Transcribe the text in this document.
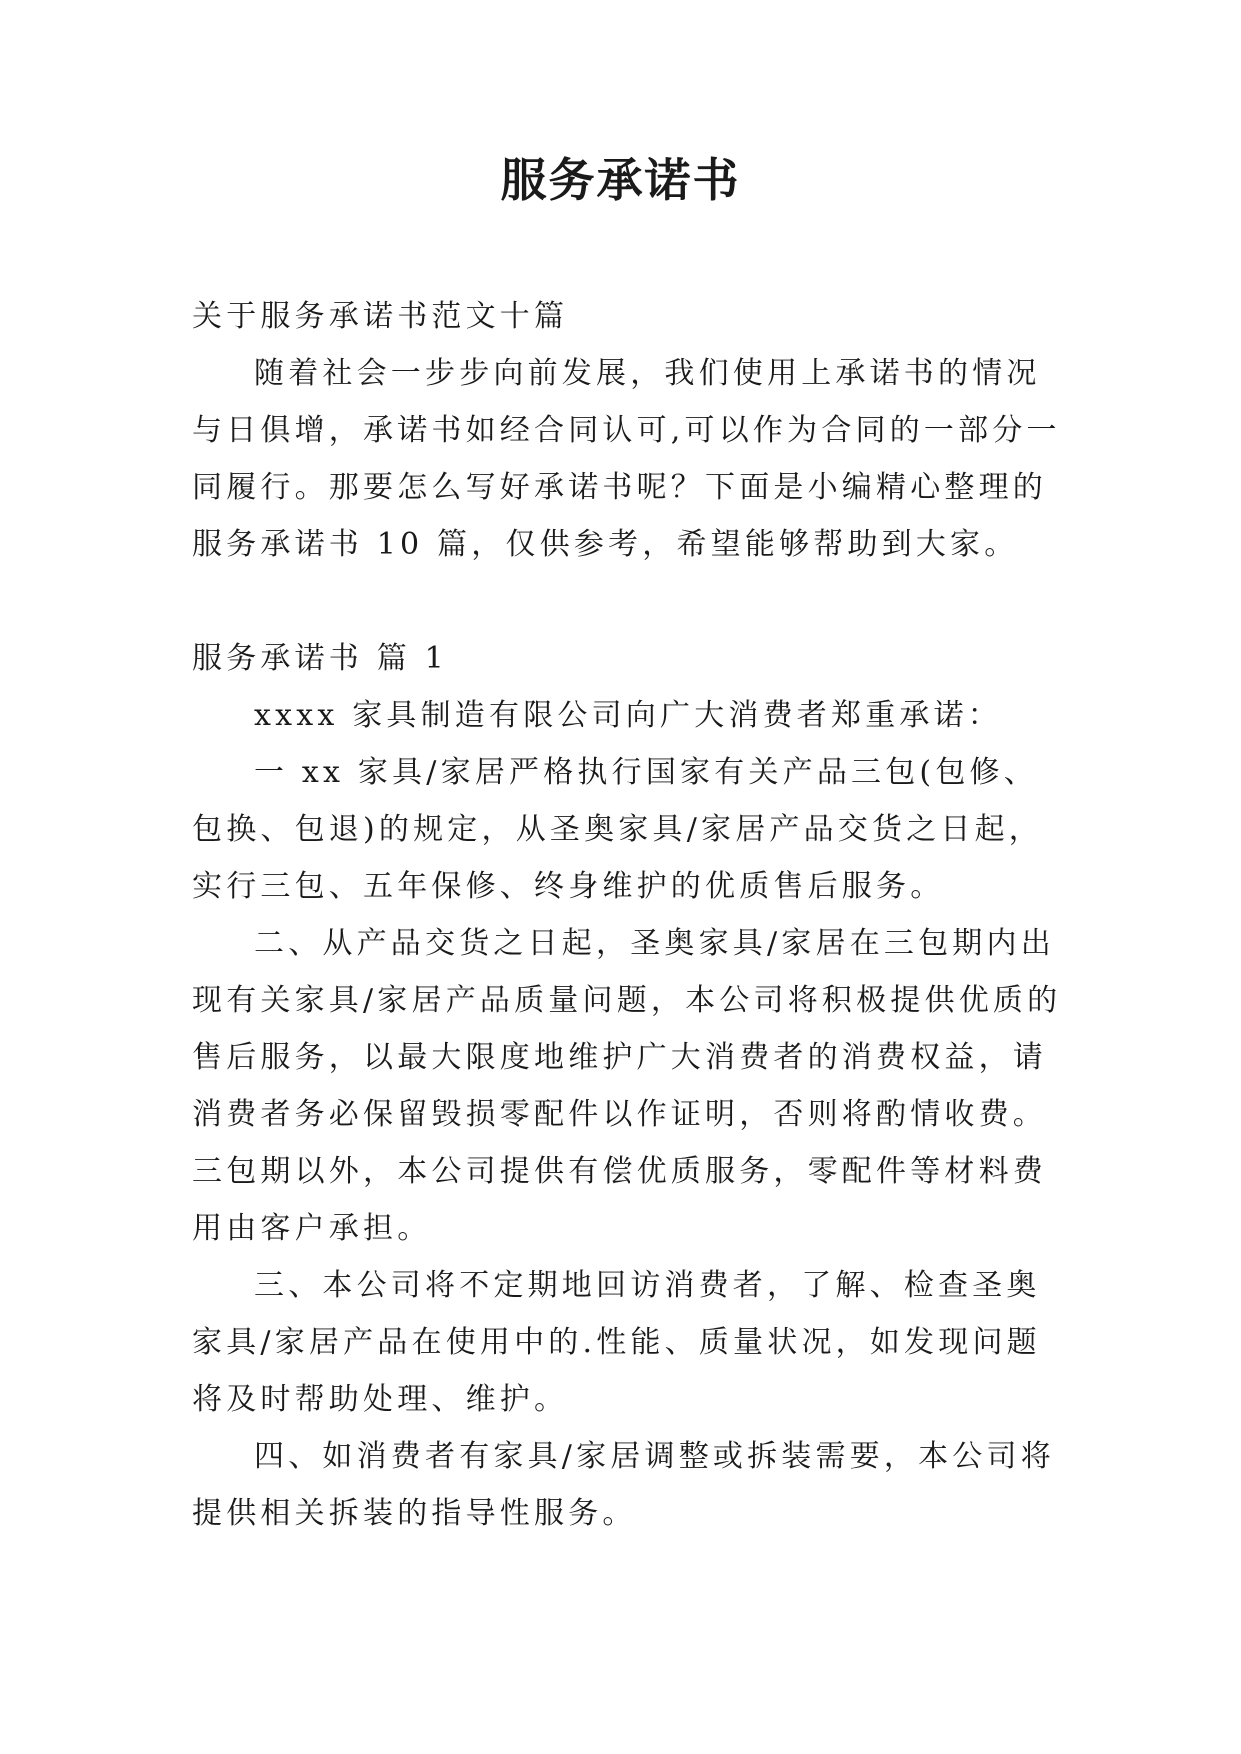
服务承诺书

关于服务承诺书范文十篇

随着社会一步步向前发展，我们使用上承诺书的情况与日俱增，承诺书如经合同认可,可以作为合同的一部分一同履行。那要怎么写好承诺书呢？下面是小编精心整理的服务承诺书 10 篇，仅供参考，希望能够帮助到大家。

服务承诺书 篇 1

xxxx 家具制造有限公司向广大消费者郑重承诺：

一 xx 家具/家居严格执行国家有关产品三包(包修、包换、包退)的规定，从圣奥家具/家居产品交货之日起，实行三包、五年保修、终身维护的优质售后服务。

二、从产品交货之日起，圣奥家具/家居在三包期内出现有关家具/家居产品质量问题，本公司将积极提供优质的售后服务，以最大限度地维护广大消费者的消费权益，请消费者务必保留毁损零配件以作证明，否则将酌情收费。三包期以外，本公司提供有偿优质服务，零配件等材料费用由客户承担。

三、本公司将不定期地回访消费者，了解、检查圣奥家具/家居产品在使用中的.性能、质量状况，如发现问题将及时帮助处理、维护。

四、如消费者有家具/家居调整或拆装需要，本公司将提供相关拆装的指导性服务。
